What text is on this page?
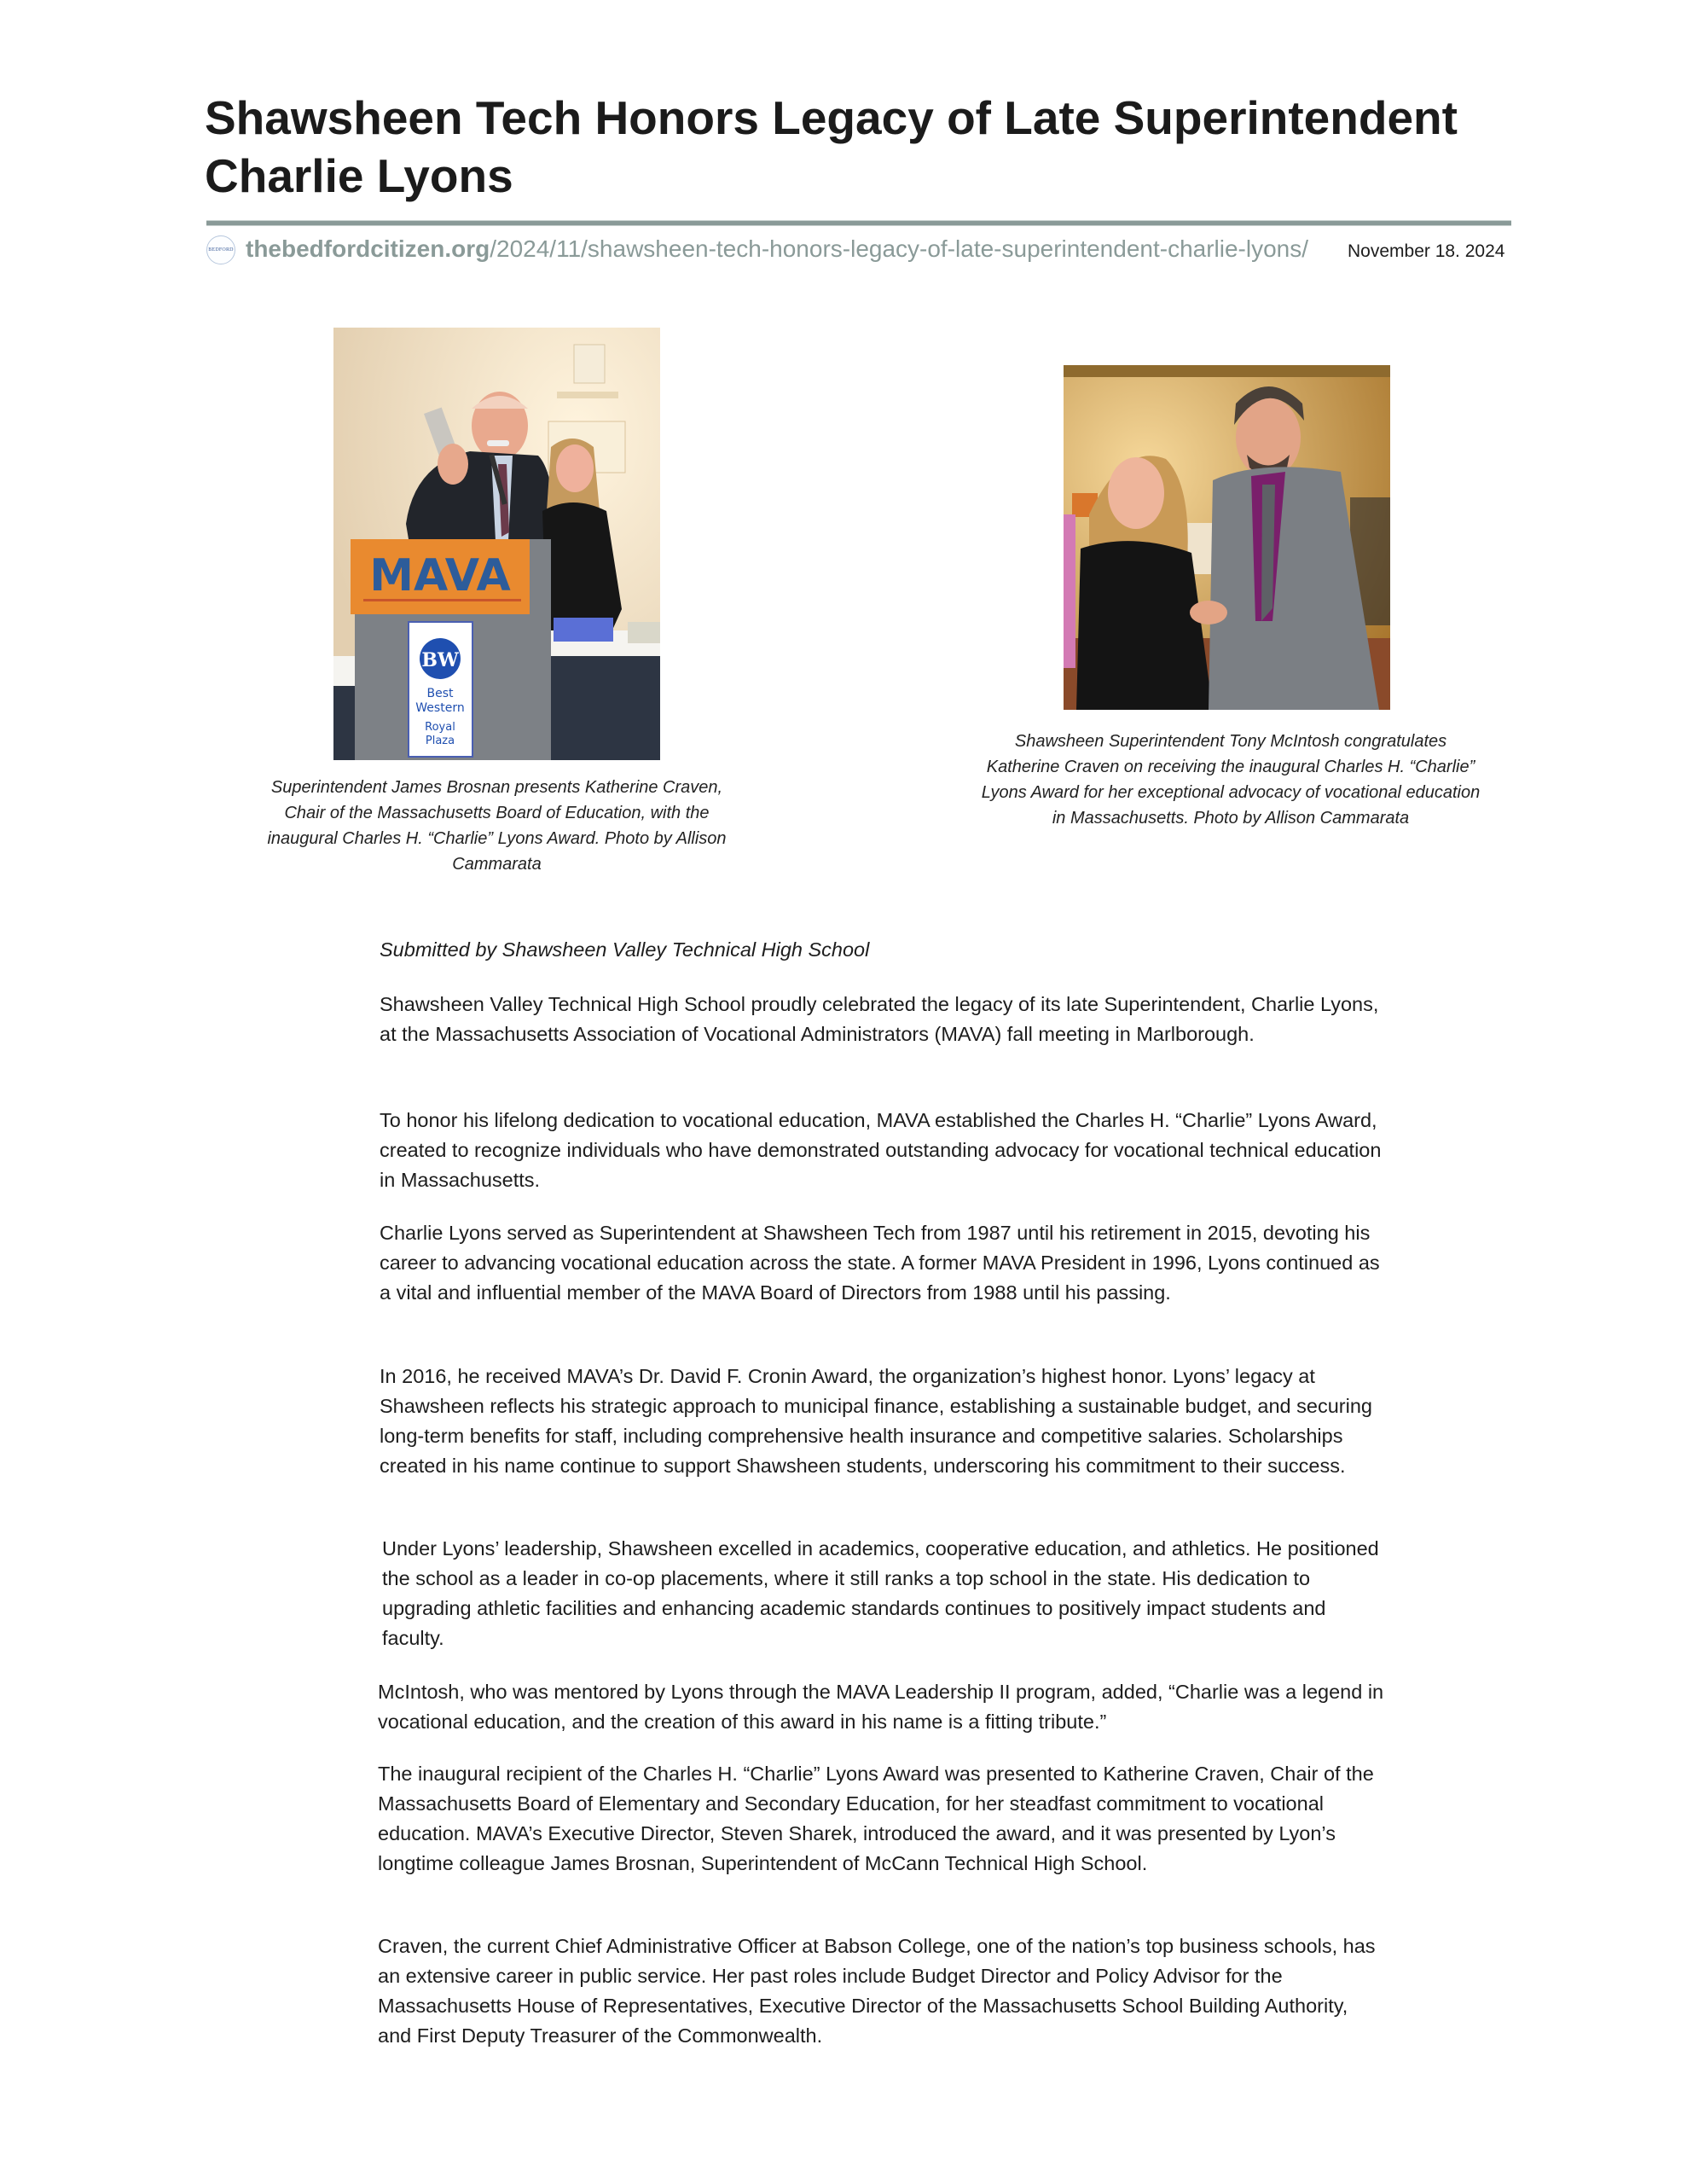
Shawsheen Tech Honors Legacy of Late Superintendent Charlie Lyons
BEDFORD thebedfordcitizen.org/2024/11/shawsheen-tech-honors-legacy-of-late-superintendent-charlie-lyons/ November 18. 2024
MAVA
BW
Best
Western
Royal
Plaza

Superintendent James Brosnan presents Katherine Craven, Chair of the Massachusetts Board of Education, with the inaugural Charles H. “Charlie” Lyons Award. Photo by Allison Cammarata

Shawsheen Superintendent Tony McIntosh congratulates Katherine Craven on receiving the inaugural Charles H. “Charlie” Lyons Award for her exceptional advocacy of vocational education in Massachusetts. Photo by Allison Cammarata

Submitted by Shawsheen Valley Technical High School

Shawsheen Valley Technical High School proudly celebrated the legacy of its late Superintendent, Charlie Lyons, at the Massachusetts Association of Vocational Administrators (MAVA) fall meeting in Marlborough.

To honor his lifelong dedication to vocational education, MAVA established the Charles H. “Charlie” Lyons Award, created to recognize individuals who have demonstrated outstanding advocacy for vocational technical education in Massachusetts.

Charlie Lyons served as Superintendent at Shawsheen Tech from 1987 until his retirement in 2015, devoting his career to advancing vocational education across the state. A former MAVA President in 1996, Lyons continued as a vital and influential member of the MAVA Board of Directors from 1988 until his passing.

In 2016, he received MAVA’s Dr. David F. Cronin Award, the organization’s highest honor. Lyons’ legacy at Shawsheen reflects his strategic approach to municipal finance, establishing a sustainable budget, and securing long-term benefits for staff, including comprehensive health insurance and competitive salaries. Scholarships created in his name continue to support Shawsheen students, underscoring his commitment to their success.

Under Lyons’ leadership, Shawsheen excelled in academics, cooperative education, and athletics. He positioned the school as a leader in co-op placements, where it still ranks a top school in the state. His dedication to upgrading athletic facilities and enhancing academic standards continues to positively impact students and faculty.

McIntosh, who was mentored by Lyons through the MAVA Leadership II program, added, “Charlie was a legend in vocational education, and the creation of this award in his name is a fitting tribute.”

The inaugural recipient of the Charles H. “Charlie” Lyons Award was presented to Katherine Craven, Chair of the Massachusetts Board of Elementary and Secondary Education, for her steadfast commitment to vocational education. MAVA’s Executive Director, Steven Sharek, introduced the award, and it was presented by Lyon’s longtime colleague James Brosnan, Superintendent of McCann Technical High School.

Craven, the current Chief Administrative Officer at Babson College, one of the nation’s top business schools, has an extensive career in public service. Her past roles include Budget Director and Policy Advisor for the Massachusetts House of Representatives, Executive Director of the Massachusetts School Building Authority, and First Deputy Treasurer of the Commonwealth.
